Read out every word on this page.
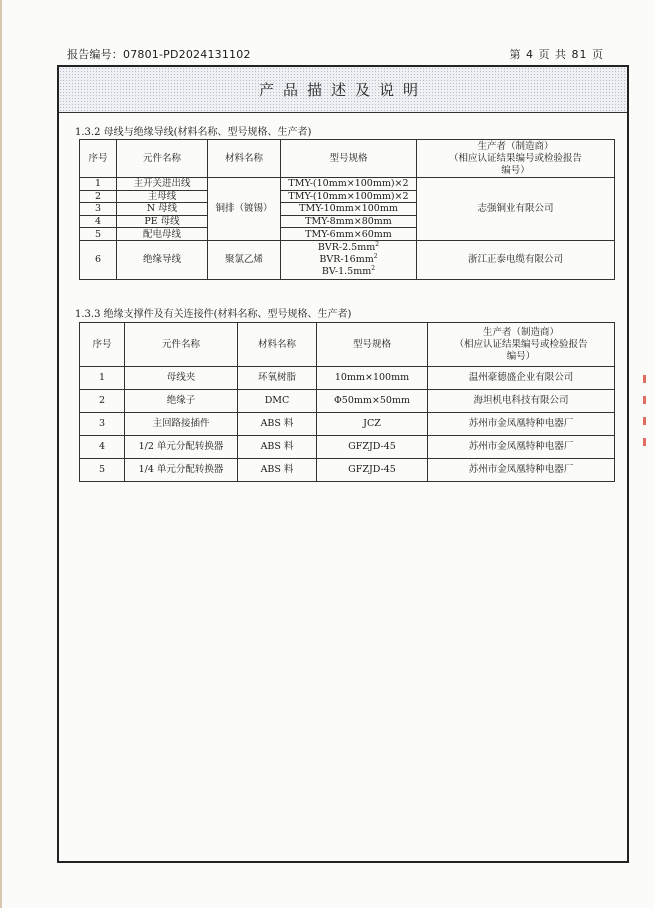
报告编号：07801-PD2024131102	第 4 页 共 81 页
产品描述及说明
1.3.2 母线与绝缘导线(材料名称、型号规格、生产者)
序号	元件名称	材料名称	型号规格	生产者（制造商）
（相应认证结果编号或检验报告
编号）

1	主开关进出线	铜排（镀锡）	TMY-(10mm×100mm)×2	志强铜业有限公司
2	主母线		TMY-(10mm×100mm)×2	
3	N 母线		TMY-10mm×100mm	
4	PE 母线		TMY-8mm×80mm	
5	配电母线		TMY-6mm×60mm	
6	绝缘导线	聚氯乙烯	BVR-$2.5mm^2$
BVR-$16mm^2$
$BV-1.5mm^2$	浙江正泰电缆有限公司
1.3.3 绝缘支撑件及有关连接件(材料名称、型号规格、生产者)
序号	元件名称	材料名称	型号规格	生产者（制造商）
（相应认证结果编号或检验报告
编号）

1	母线夹	环氧树脂	10mm×100mm	温州豪德盛企业有限公司
2	绝缘子	DMC	Φ50mm×50mm	海坦机电科技有限公司
3	主回路接插件	ABS 料	JCZ	苏州市金凤凰特种电器厂
4	1/2 单元分配转换器	ABS 料	GFZJD-45	苏州市金凤凰特种电器厂
5	1/4 单元分配转换器	ABS 料	GFZJD-45	苏州市金凤凰特种电器厂
